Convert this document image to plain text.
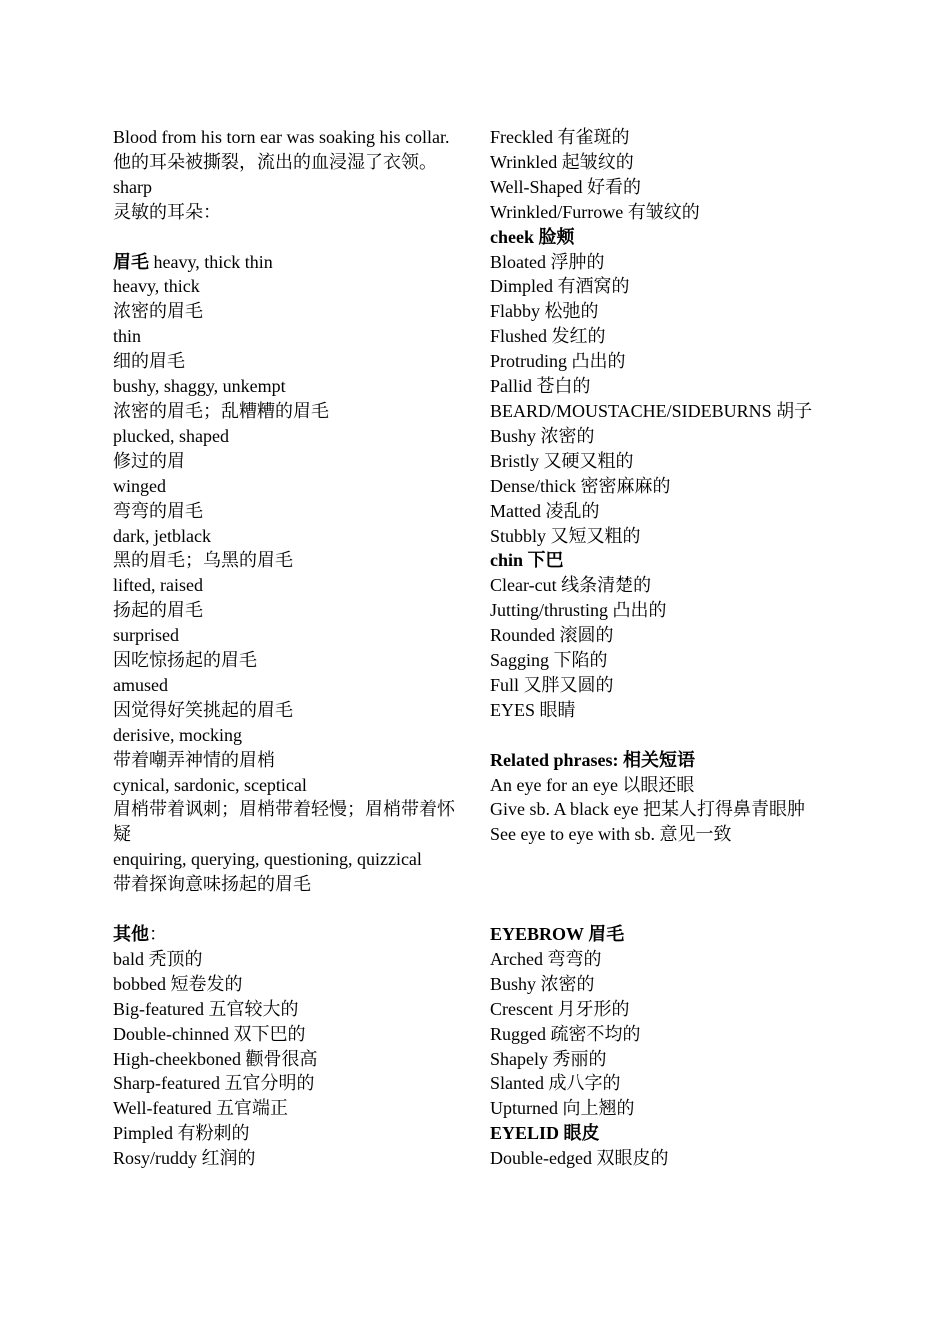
Blood from his torn ear was soaking his collar.
他的耳朵被撕裂，流出的血浸湿了衣领。
sharp
灵敏的耳朵：
眉毛 heavy, thick thin
heavy, thick
浓密的眉毛
thin
细的眉毛
bushy, shaggy, unkempt
浓密的眉毛；乱糟糟的眉毛
plucked, shaped
修过的眉
winged
弯弯的眉毛
dark, jetblack
黑的眉毛；乌黑的眉毛
lifted, raised
扬起的眉毛
surprised
因吃惊扬起的眉毛
amused
因觉得好笑挑起的眉毛
derisive, mocking
带着嘲弄神情的眉梢
cynical, sardonic, sceptical
眉梢带着讽刺；眉梢带着轻慢；眉梢带着怀疑
enquiring, querying, questioning, quizzical
带着探询意味扬起的眉毛
其他：
bald 秃顶的
bobbed 短卷发的
Big-featured 五官较大的
Double-chinned 双下巴的
High-cheekboned 颧骨很高
Sharp-featured 五官分明的
Well-featured 五官端正
Pimpled 有粉刺的
Rosy/ruddy 红润的
Freckled 有雀斑的
Wrinkled 起皱纹的
Well-Shaped 好看的
Wrinkled/Furrowe 有皱纹的
cheek 脸颊
Bloated 浮肿的
Dimpled 有酒窝的
Flabby 松弛的
Flushed 发红的
Protruding 凸出的
Pallid 苍白的
BEARD/MOUSTACHE/SIDEBURNS 胡子
Bushy 浓密的
Bristly 又硬又粗的
Dense/thick 密密麻麻的
Matted 凌乱的
Stubbly 又短又粗的
chin 下巴
Clear-cut 线条清楚的
Jutting/thrusting 凸出的
Rounded 滚圆的
Sagging 下陷的
Full 又胖又圆的
EYES 眼睛
Related phrases: 相关短语
An eye for an eye 以眼还眼
Give sb. A black eye 把某人打得鼻青眼肿
See eye to eye with sb. 意见一致
EYEBROW 眉毛
Arched 弯弯的
Bushy 浓密的
Crescent 月牙形的
Rugged 疏密不均的
Shapely 秀丽的
Slanted 成八字的
Upturned 向上翘的
EYELID 眼皮
Double-edged 双眼皮的
